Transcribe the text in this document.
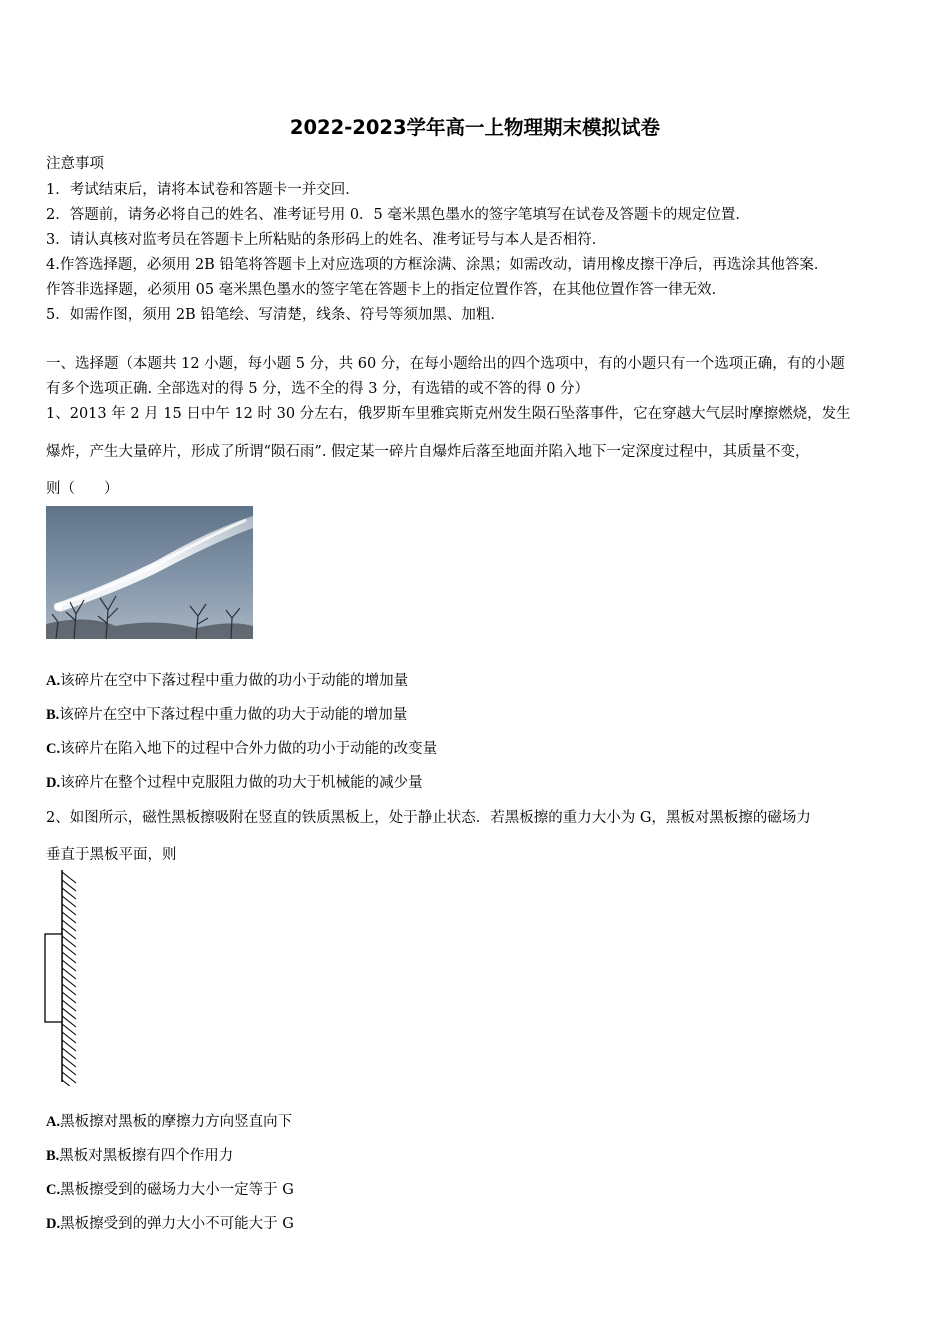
2022-2023学年高一上物理期末模拟试卷
注意事项
1．考试结束后，请将本试卷和答题卡一并交回．
2．答题前，请务必将自己的姓名、准考证号用 0．5 毫米黑色墨水的签字笔填写在试卷及答题卡的规定位置．
3．请认真核对监考员在答题卡上所粘贴的条形码上的姓名、准考证号与本人是否相符．
4.作答选择题，必须用 2B 铅笔将答题卡上对应选项的方框涂满、涂黑；如需改动，请用橡皮擦干净后，再选涂其他答案．
作答非选择题，必须用 05 毫米黑色墨水的签字笔在答题卡上的指定位置作答，在其他位置作答一律无效．
5．如需作图，须用 2B 铅笔绘、写清楚，线条、符号等须加黑、加粗．
一、选择题（本题共 12 小题，每小题 5 分，共 60 分，在每小题给出的四个选项中，有的小题只有一个选项正确，有的小题
有多个选项正确. 全部选对的得 5 分，选不全的得 3 分，有选错的或不答的得 0 分）
1、2013 年 2 月 15 日中午 12 时 30 分左右，俄罗斯车里雅宾斯克州发生陨石坠落事件，它在穿越大气层时摩擦燃烧，发生
爆炸，产生大量碎片，形成了所谓“陨石雨”. 假定某一碎片自爆炸后落至地面并陷入地下一定深度过程中，其质量不变，
则（　　）
A.该碎片在空中下落过程中重力做的功小于动能的增加量
B.该碎片在空中下落过程中重力做的功大于动能的增加量
C.该碎片在陷入地下的过程中合外力做的功小于动能的改变量
D.该碎片在整个过程中克服阻力做的功大于机械能的减少量
2、如图所示，磁性黑板擦吸附在竖直的铁质黑板上，处于静止状态．若黑板擦的重力大小为 G，黑板对黑板擦的磁场力
垂直于黑板平面，则
A.黑板擦对黑板的摩擦力方向竖直向下
B.黑板对黑板擦有四个作用力
C.黑板擦受到的磁场力大小一定等于 G
D.黑板擦受到的弹力大小不可能大于 G
